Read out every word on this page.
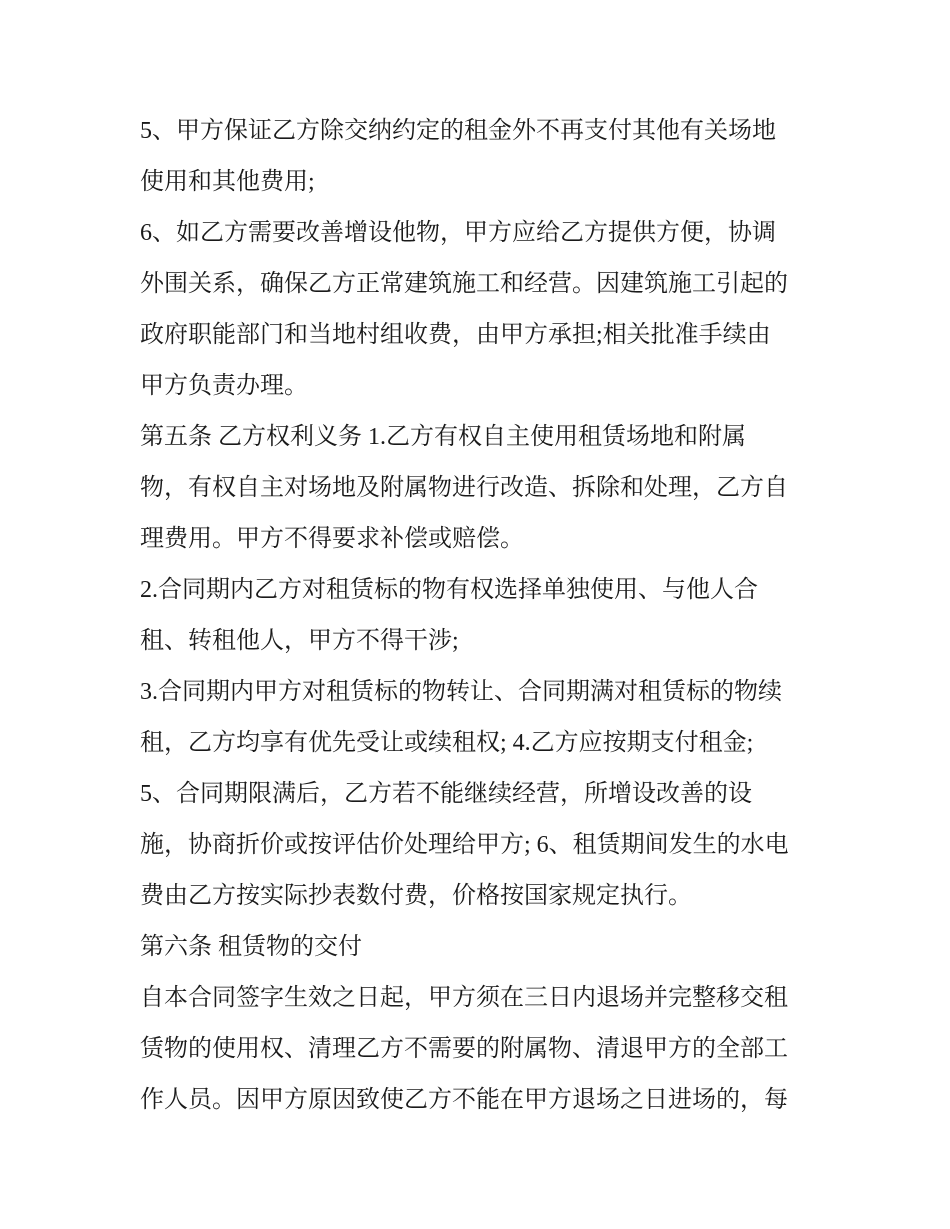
5、甲方保证乙方除交纳约定的租金外不再支付其他有关场地
使用和其他费用;
6、如乙方需要改善增设他物，甲方应给乙方提供方便，协调
外围关系，确保乙方正常建筑施工和经营。因建筑施工引起的
政府职能部门和当地村组收费，由甲方承担;相关批准手续由
甲方负责办理。
第五条 乙方权利义务 1.乙方有权自主使用租赁场地和附属
物，有权自主对场地及附属物进行改造、拆除和处理，乙方自
理费用。甲方不得要求补偿或赔偿。
2.合同期内乙方对租赁标的物有权选择单独使用、与他人合
租、转租他人，甲方不得干涉;
3.合同期内甲方对租赁标的物转让、合同期满对租赁标的物续
租，乙方均享有优先受让或续租权; 4.乙方应按期支付租金;
5、合同期限满后，乙方若不能继续经营，所增设改善的设
施，协商折价或按评估价处理给甲方; 6、租赁期间发生的水电
费由乙方按实际抄表数付费，价格按国家规定执行。
第六条 租赁物的交付
自本合同签字生效之日起，甲方须在三日内退场并完整移交租
赁物的使用权、清理乙方不需要的附属物、清退甲方的全部工
作人员。因甲方原因致使乙方不能在甲方退场之日进场的，每
